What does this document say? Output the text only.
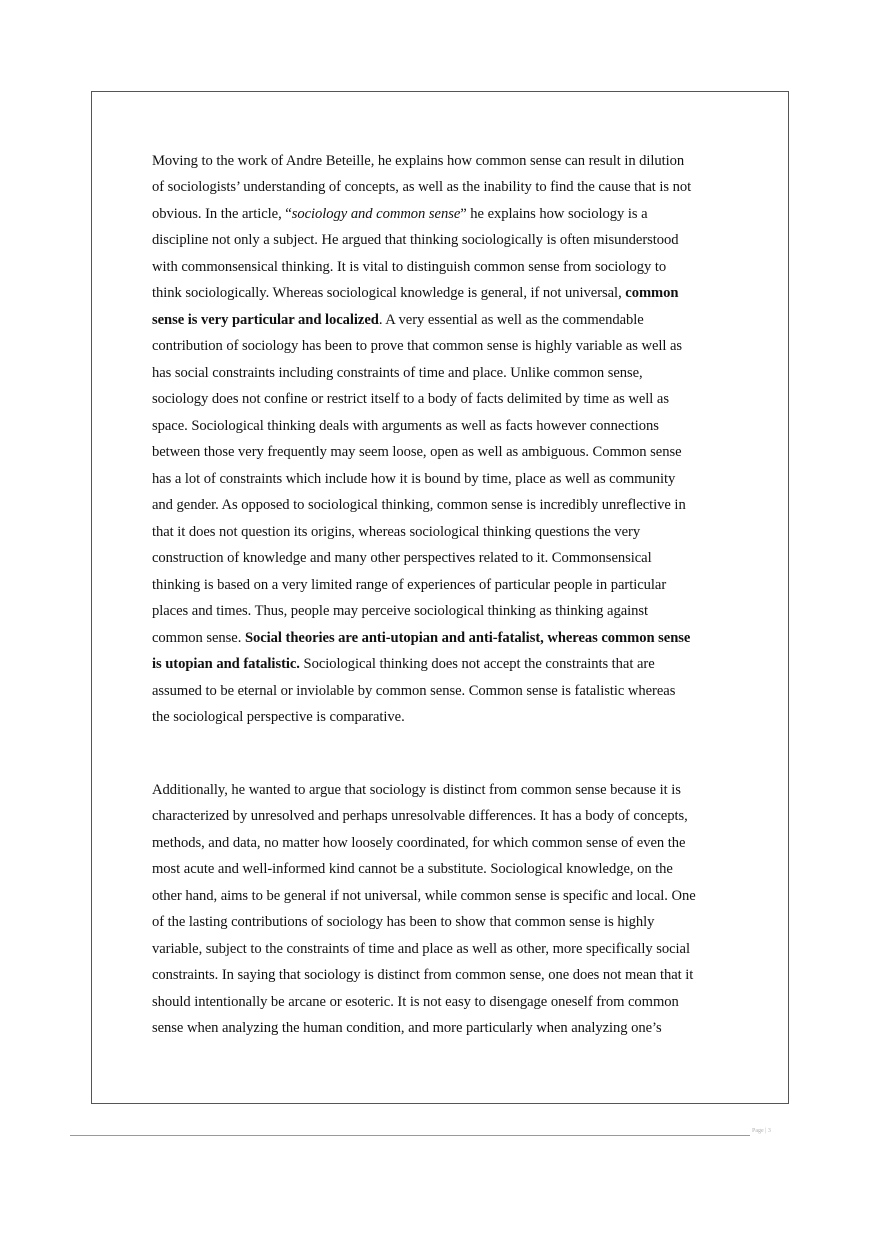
Moving to the work of Andre Beteille, he explains how common sense can result in dilution
of sociologists’ understanding of concepts, as well as the inability to find the cause that is not
obvious. In the article, “sociology and common sense” he explains how sociology is a
discipline not only a subject. He argued that thinking sociologically is often misunderstood
with commonsensical thinking. It is vital to distinguish common sense from sociology to
think sociologically. Whereas sociological knowledge is general, if not universal, common
sense is very particular and localized. A very essential as well as the commendable
contribution of sociology has been to prove that common sense is highly variable as well as
has social constraints including constraints of time and place. Unlike common sense,
sociology does not confine or restrict itself to a body of facts delimited by time as well as
space. Sociological thinking deals with arguments as well as facts however connections
between those very frequently may seem loose, open as well as ambiguous. Common sense
has a lot of constraints which include how it is bound by time, place as well as community
and gender. As opposed to sociological thinking, common sense is incredibly unreflective in
that it does not question its origins, whereas sociological thinking questions the very
construction of knowledge and many other perspectives related to it. Commonsensical
thinking is based on a very limited range of experiences of particular people in particular
places and times. Thus, people may perceive sociological thinking as thinking against
common sense. Social theories are anti-utopian and anti-fatalist, whereas common sense
is utopian and fatalistic. Sociological thinking does not accept the constraints that are
assumed to be eternal or inviolable by common sense. Common sense is fatalistic whereas
the sociological perspective is comparative.
Additionally, he wanted to argue that sociology is distinct from common sense because it is
characterized by unresolved and perhaps unresolvable differences. It has a body of concepts,
methods, and data, no matter how loosely coordinated, for which common sense of even the
most acute and well-informed kind cannot be a substitute. Sociological knowledge, on the
other hand, aims to be general if not universal, while common sense is specific and local. One
of the lasting contributions of sociology has been to show that common sense is highly
variable, subject to the constraints of time and place as well as other, more specifically social
constraints. In saying that sociology is distinct from common sense, one does not mean that it
should intentionally be arcane or esoteric. It is not easy to disengage oneself from common
sense when analyzing the human condition, and more particularly when analyzing one’s
Page | 3
